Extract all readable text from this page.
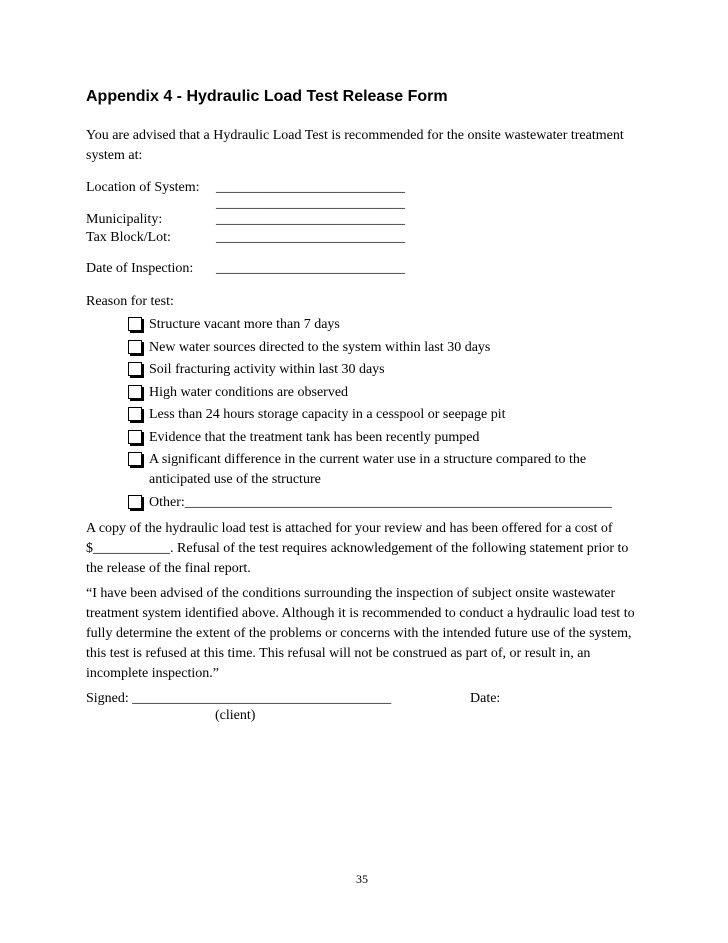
Appendix 4 - Hydraulic Load Test Release Form
You are advised that a Hydraulic Load Test is recommended for the onsite wastewater treatment system at:
Location of System: ___________________________
___________________________
Municipality:	___________________________
Tax Block/Lot:	___________________________
Date of Inspection: ___________________________
Reason for test:
Structure vacant more than 7 days
New water sources directed to the system within last 30 days
Soil fracturing activity within last 30 days
High water conditions are observed
Less than 24 hours storage capacity in a cesspool or seepage pit
Evidence that the treatment tank has been recently pumped
A significant difference in the current water use in a structure compared to the anticipated use of the structure
Other:_____________________________________________________________
A copy of the hydraulic load test is attached for your review and has been offered for a cost of $___________. Refusal of the test requires acknowledgement of the following statement prior to the release of the final report.
“I have been advised of the conditions surrounding the inspection of subject onsite wastewater treatment system identified above. Although it is recommended to conduct a hydraulic load test to fully determine the extent of the problems or concerns with the intended future use of the system, this test is refused at this time. This refusal will not be construed as part of, or result in, an incomplete inspection.”
Signed: _____________________________________	Date:
(client)
35
